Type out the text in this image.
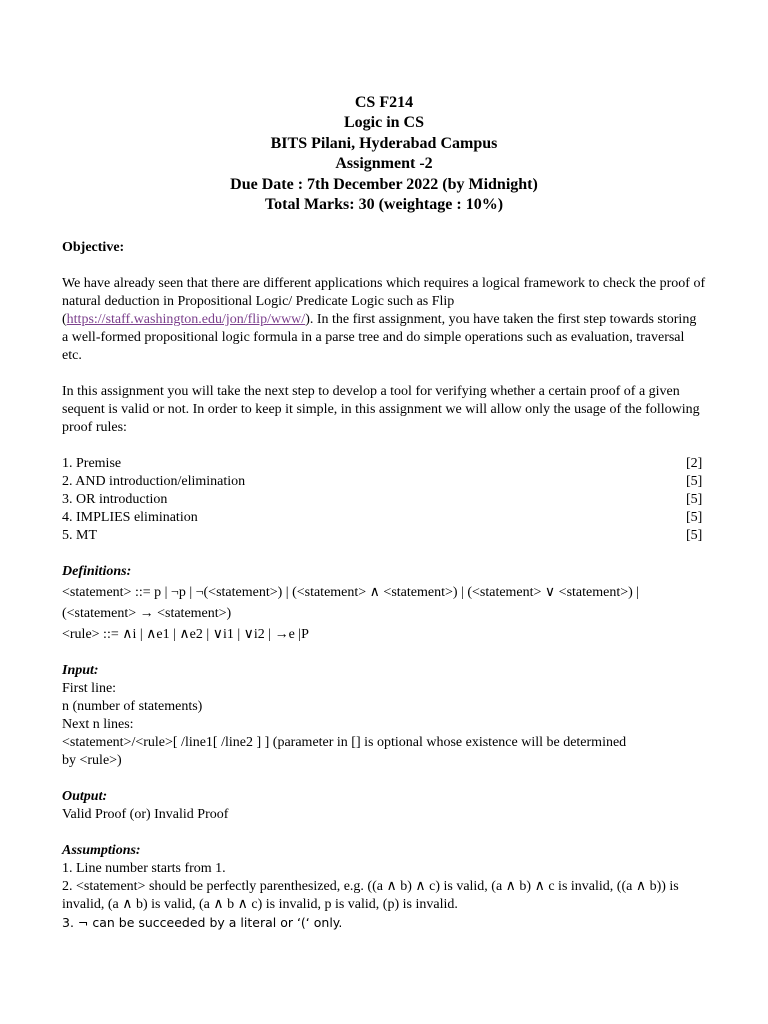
CS F214
Logic in CS
BITS Pilani, Hyderabad Campus
Assignment -2
Due Date : 7th December 2022 (by Midnight)
Total Marks: 30 (weightage : 10%)
Objective:
We have already seen that there are different applications which requires a logical framework to check the proof of natural deduction in Propositional Logic/ Predicate Logic such as Flip (https://staff.washington.edu/jon/flip/www/). In the first assignment, you have taken the first step towards storing a well-formed propositional logic formula in a parse tree and do simple operations such as evaluation, traversal etc.
In this assignment you will take the next step to develop a tool for verifying whether a certain proof of a given sequent is valid or not. In order to keep it simple, in this assignment we will allow only the usage of the following proof rules:
1. Premise	[2]
2. AND introduction/elimination	[5]
3. OR introduction	[5]
4. IMPLIES elimination	[5]
5. MT	[5]
Definitions:
<statement> ::= p | ¬p | ¬(<statement>) | (<statement> ∧ <statement>) | (<statement> ∨ <statement>) |
(<statement> → <statement>)
<rule> ::= ∧i | ∧e1 | ∧e2 | ∨i1 | ∨i2 | →e |P
Input:
First line:
n (number of statements)
Next n lines:
<statement>/<rule>[ /line1[ /line2 ] ] (parameter in [] is optional whose existence will be determined
by <rule>)
Output:
Valid Proof (or) Invalid Proof
Assumptions:
1. Line number starts from 1.
2. <statement> should be perfectly parenthesized, e.g. ((a ∧ b) ∧ c) is valid, (a ∧ b) ∧ c is invalid, ((a ∧ b)) is invalid, (a ∧ b) is valid, (a ∧ b ∧ c) is invalid, p is valid, (p) is invalid.
3. ¬ can be succeeded by a literal or ‘(‘ only.
